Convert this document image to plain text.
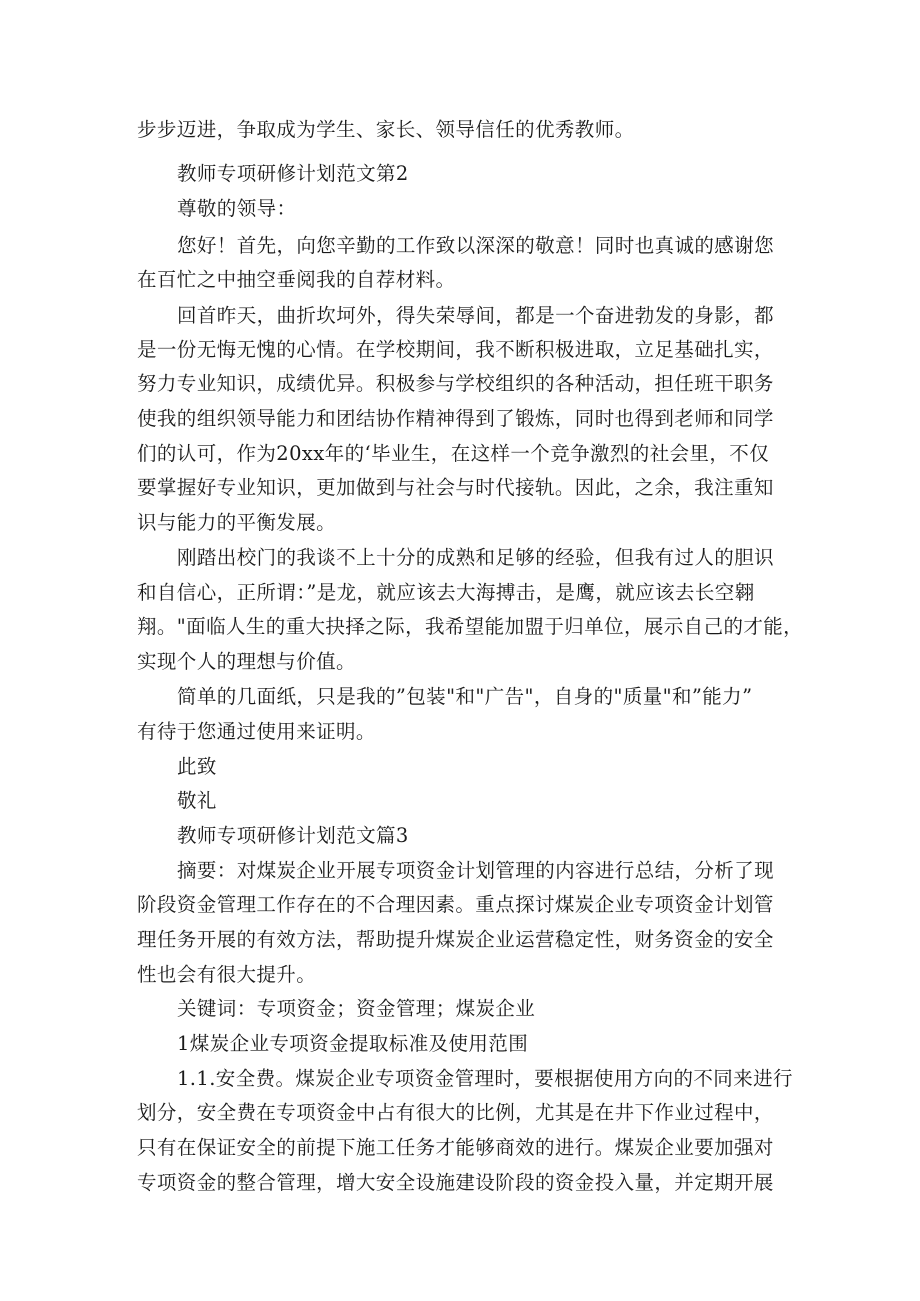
步步迈进，争取成为学生、家长、领导信任的优秀教师。
教师专项研修计划范文第2
尊敬的领导：
您好！首先，向您辛勤的工作致以深深的敬意！同时也真诚的感谢您
在百忙之中抽空垂阅我的自荐材料。
回首昨天，曲折坎坷外，得失荣辱间，都是一个奋进勃发的身影，都
是一份无悔无愧的心情。在学校期间，我不断积极进取，立足基础扎实，
努力专业知识，成绩优异。积极参与学校组织的各种活动，担任班干职务
使我的组织领导能力和团结协作精神得到了锻炼，同时也得到老师和同学
们的认可，作为20xx年的‘毕业生，在这样一个竞争激烈的社会里，不仅
要掌握好专业知识，更加做到与社会与时代接轨。因此，之余，我注重知
识与能力的平衡发展。
刚踏出校门的我谈不上十分的成熟和足够的经验，但我有过人的胆识
和自信心，正所谓：”是龙，就应该去大海搏击，是鹰，就应该去长空翱
翔。"面临人生的重大抉择之际，我希望能加盟于归单位，展示自己的才能，
实现个人的理想与价值。
简单的几面纸，只是我的”包装"和"广告"，自身的"质量"和”能力”
有待于您通过使用来证明。
此致
敬礼
教师专项研修计划范文篇3
摘要：对煤炭企业开展专项资金计划管理的内容进行总结，分析了现
阶段资金管理工作存在的不合理因素。重点探讨煤炭企业专项资金计划管
理任务开展的有效方法，帮助提升煤炭企业运营稳定性，财务资金的安全
性也会有很大提升。
关键词：专项资金；资金管理；煤炭企业
1煤炭企业专项资金提取标准及使用范围
1.1.安全费。煤炭企业专项资金管理时，要根据使用方向的不同来进行
划分，安全费在专项资金中占有很大的比例，尤其是在井下作业过程中，
只有在保证安全的前提下施工任务才能够商效的进行。煤炭企业要加强对
专项资金的整合管理，增大安全设施建设阶段的资金投入量，并定期开展
